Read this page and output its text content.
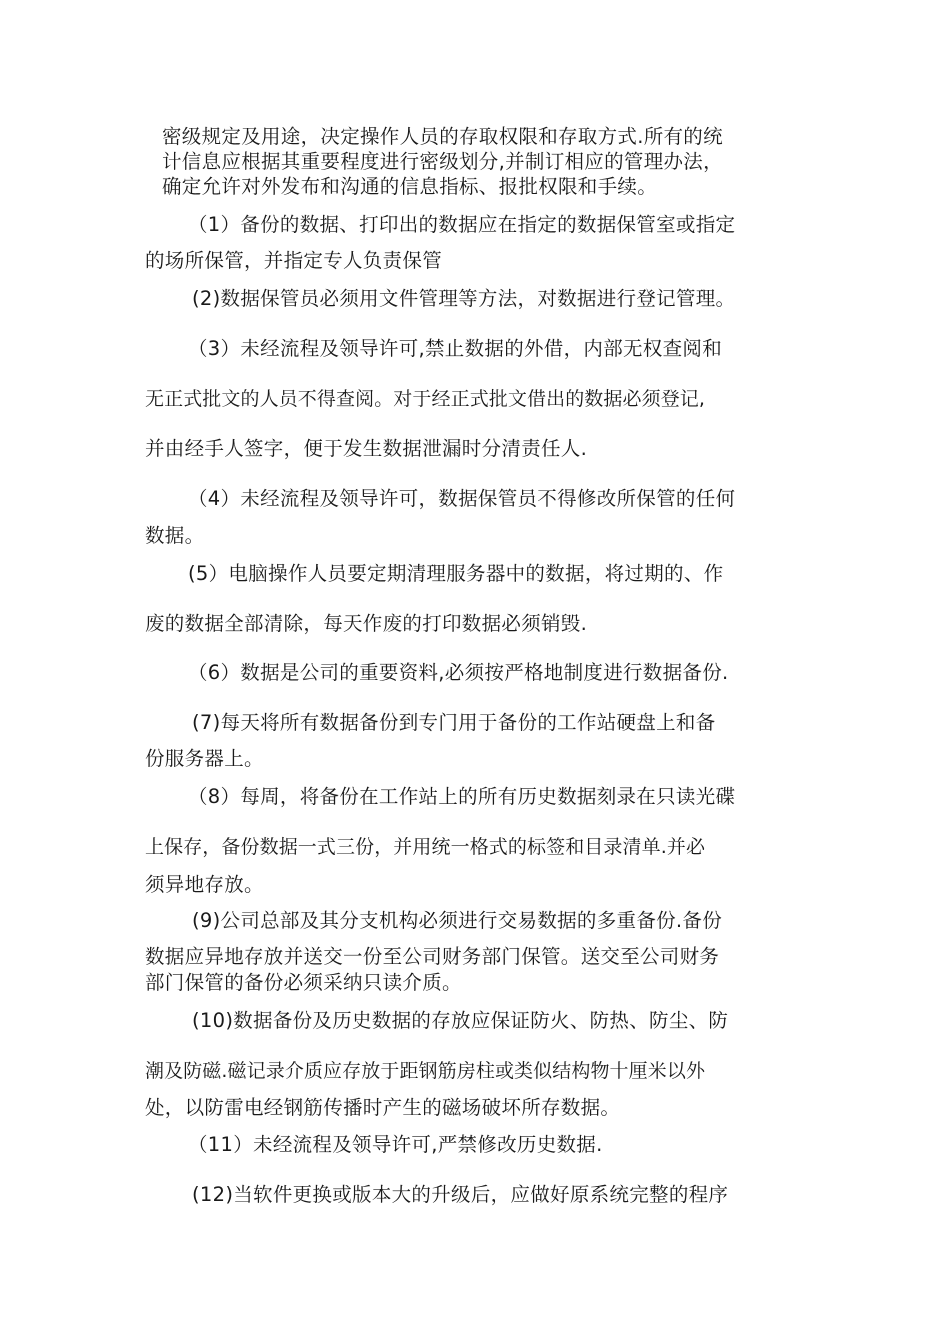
密级规定及用途，决定操作人员的存取权限和存取方式.所有的统
计信息应根据其重要程度进行密级划分,并制订相应的管理办法，
确定允许对外发布和沟通的信息指标、报批权限和手续。
（1）备份的数据、打印出的数据应在指定的数据保管室或指定
的场所保管，并指定专人负责保管
(2)数据保管员必须用文件管理等方法，对数据进行登记管理。
（3）未经流程及领导许可,禁止数据的外借，内部无权查阅和
无正式批文的人员不得查阅。对于经正式批文借出的数据必须登记,
并由经手人签字，便于发生数据泄漏时分清责任人.
（4）未经流程及领导许可，数据保管员不得修改所保管的任何
数据。
(5）电脑操作人员要定期清理服务器中的数据，将过期的、作
废的数据全部清除，每天作废的打印数据必须销毁.
（6）数据是公司的重要资料,必须按严格地制度进行数据备份.
(7)每天将所有数据备份到专门用于备份的工作站硬盘上和备
份服务器上。
（8）每周，将备份在工作站上的所有历史数据刻录在只读光碟
上保存，备份数据一式三份，并用统一格式的标签和目录清单.并必
须异地存放。
(9)公司总部及其分支机构必须进行交易数据的多重备份.备份
数据应异地存放并送交一份至公司财务部门保管。送交至公司财务
部门保管的备份必须采纳只读介质。
(10)数据备份及历史数据的存放应保证防火、防热、防尘、防
潮及防磁.磁记录介质应存放于距钢筋房柱或类似结构物十厘米以外
处，以防雷电经钢筋传播时产生的磁场破坏所存数据。
（11）未经流程及领导许可,严禁修改历史数据.
(12)当软件更换或版本大的升级后，应做好原系统完整的程序
